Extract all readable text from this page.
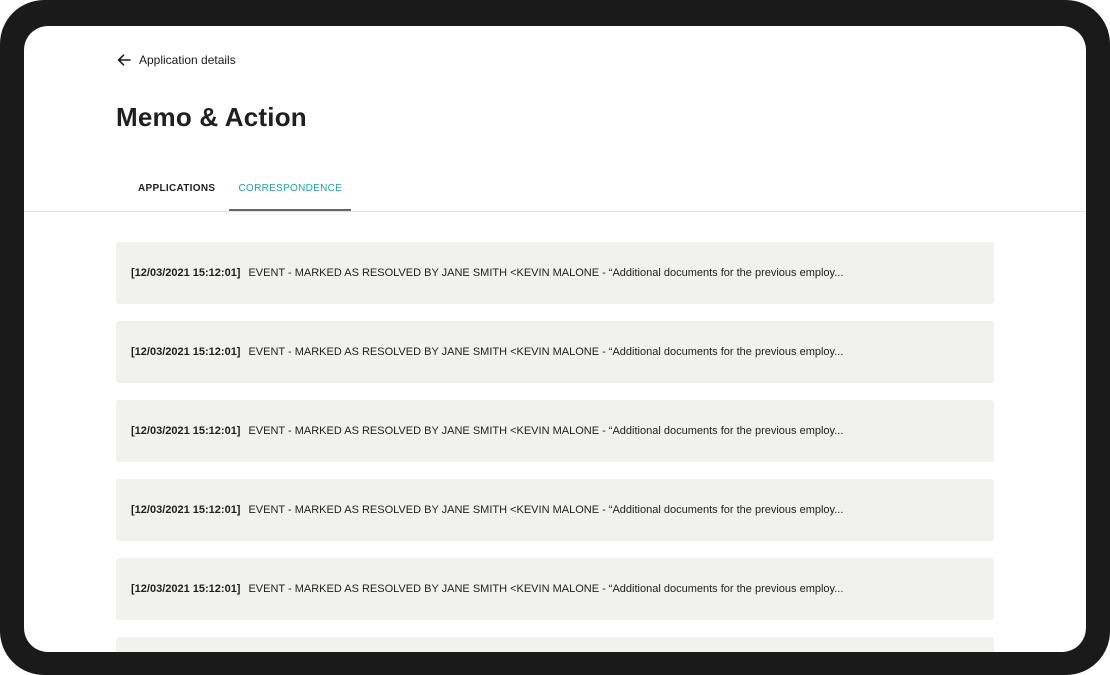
Application details
Memo & Action
APPLICATIONS	CORRESPONDENCE
[12/03/2021 15:12:01] EVENT - MARKED AS RESOLVED BY JANE SMITH <KEVIN MALONE - “Additional documents for the previous employ...
[12/03/2021 15:12:01] EVENT - MARKED AS RESOLVED BY JANE SMITH <KEVIN MALONE - “Additional documents for the previous employ...
[12/03/2021 15:12:01] EVENT - MARKED AS RESOLVED BY JANE SMITH <KEVIN MALONE - “Additional documents for the previous employ...
[12/03/2021 15:12:01] EVENT - MARKED AS RESOLVED BY JANE SMITH <KEVIN MALONE - “Additional documents for the previous employ...
[12/03/2021 15:12:01] EVENT - MARKED AS RESOLVED BY JANE SMITH <KEVIN MALONE - “Additional documents for the previous employ...
